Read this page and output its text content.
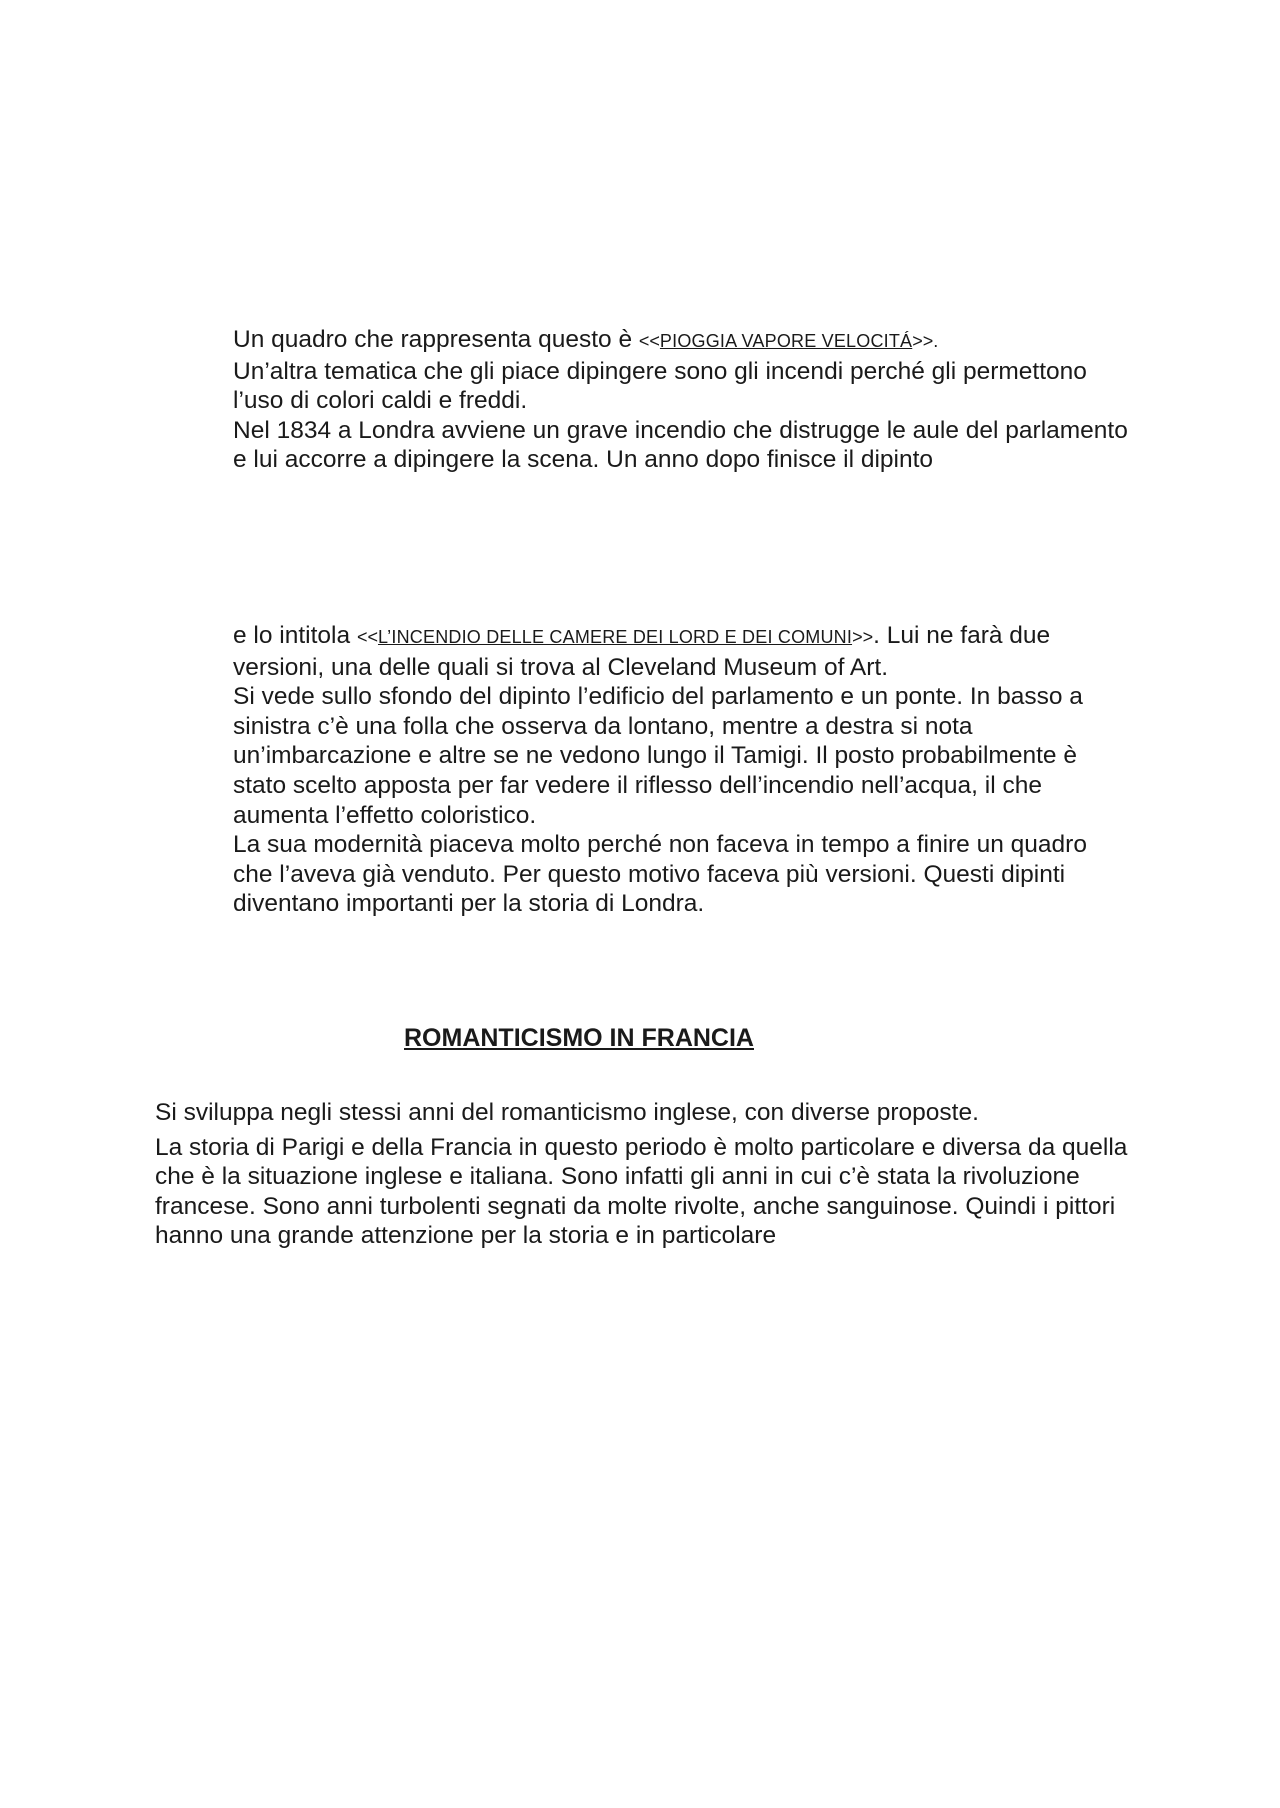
Un quadro che rappresenta questo è <<PIOGGIA VAPORE VELOCITÁ>>.

Un’altra tematica che gli piace dipingere sono gli incendi perché gli permettono l’uso di colori caldi e freddi.

Nel 1834 a Londra avviene un grave incendio che distrugge le aule del parlamento e lui accorre a dipingere la scena. Un anno dopo finisce il dipinto

e lo intitola <<L’INCENDIO DELLE CAMERE DEI LORD E DEI COMUNI>>. Lui ne farà due versioni, una delle quali si trova al Cleveland Museum of Art.

Si vede sullo sfondo del dipinto l’edificio del parlamento e un ponte. In basso a sinistra c’è una folla che osserva da lontano, mentre a destra si nota un’imbarcazione e altre se ne vedono lungo il Tamigi. Il posto probabilmente è stato scelto apposta per far vedere il riflesso dell’incendio nell’acqua, il che aumenta l’effetto coloristico.

La sua modernità piaceva molto perché non faceva in tempo a finire un quadro che l’aveva già venduto. Per questo motivo faceva più versioni. Questi dipinti diventano importanti per la storia di Londra.

ROMANTICISMO IN FRANCIA

Si sviluppa negli stessi anni del romanticismo inglese, con diverse proposte.

La storia di Parigi e della Francia in questo periodo è molto particolare e diversa da quella che è la situazione inglese e italiana. Sono infatti gli anni in cui c’è stata la rivoluzione francese. Sono anni turbolenti segnati da molte rivolte, anche sanguinose. Quindi i pittori hanno una grande attenzione per la storia e in particolare
